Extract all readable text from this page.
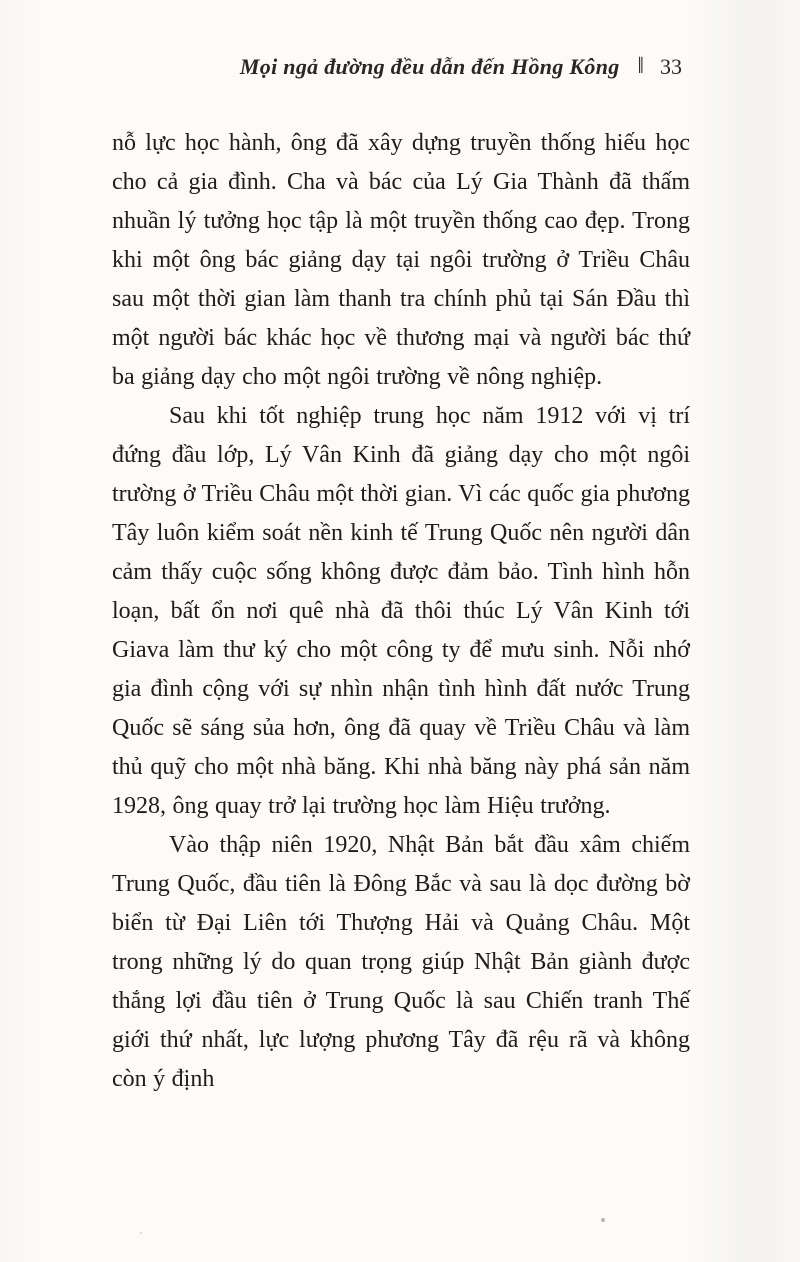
Mọi ngả đường đều dẫn đến Hồng Kông ‖ 33

nỗ lực học hành, ông đã xây dựng truyền thống hiếu học cho cả gia đình. Cha và bác của Lý Gia Thành đã thấm nhuần lý tưởng học tập là một truyền thống cao đẹp. Trong khi một ông bác giảng dạy tại ngôi trường ở Triều Châu sau một thời gian làm thanh tra chính phủ tại Sán Đầu thì một người bác khác học về thương mại và người bác thứ ba giảng dạy cho một ngôi trường về nông nghiệp.

Sau khi tốt nghiệp trung học năm 1912 với vị trí đứng đầu lớp, Lý Vân Kinh đã giảng dạy cho một ngôi trường ở Triều Châu một thời gian. Vì các quốc gia phương Tây luôn kiểm soát nền kinh tế Trung Quốc nên người dân cảm thấy cuộc sống không được đảm bảo. Tình hình hỗn loạn, bất ổn nơi quê nhà đã thôi thúc Lý Vân Kinh tới Giava làm thư ký cho một công ty để mưu sinh. Nỗi nhớ gia đình cộng với sự nhìn nhận tình hình đất nước Trung Quốc sẽ sáng sủa hơn, ông đã quay về Triều Châu và làm thủ quỹ cho một nhà băng. Khi nhà băng này phá sản năm 1928, ông quay trở lại trường học làm Hiệu trưởng.

Vào thập niên 1920, Nhật Bản bắt đầu xâm chiếm Trung Quốc, đầu tiên là Đông Bắc và sau là dọc đường bờ biển từ Đại Liên tới Thượng Hải và Quảng Châu. Một trong những lý do quan trọng giúp Nhật Bản giành được thắng lợi đầu tiên ở Trung Quốc là sau Chiến tranh Thế giới thứ nhất, lực lượng phương Tây đã rệu rã và không còn ý định
